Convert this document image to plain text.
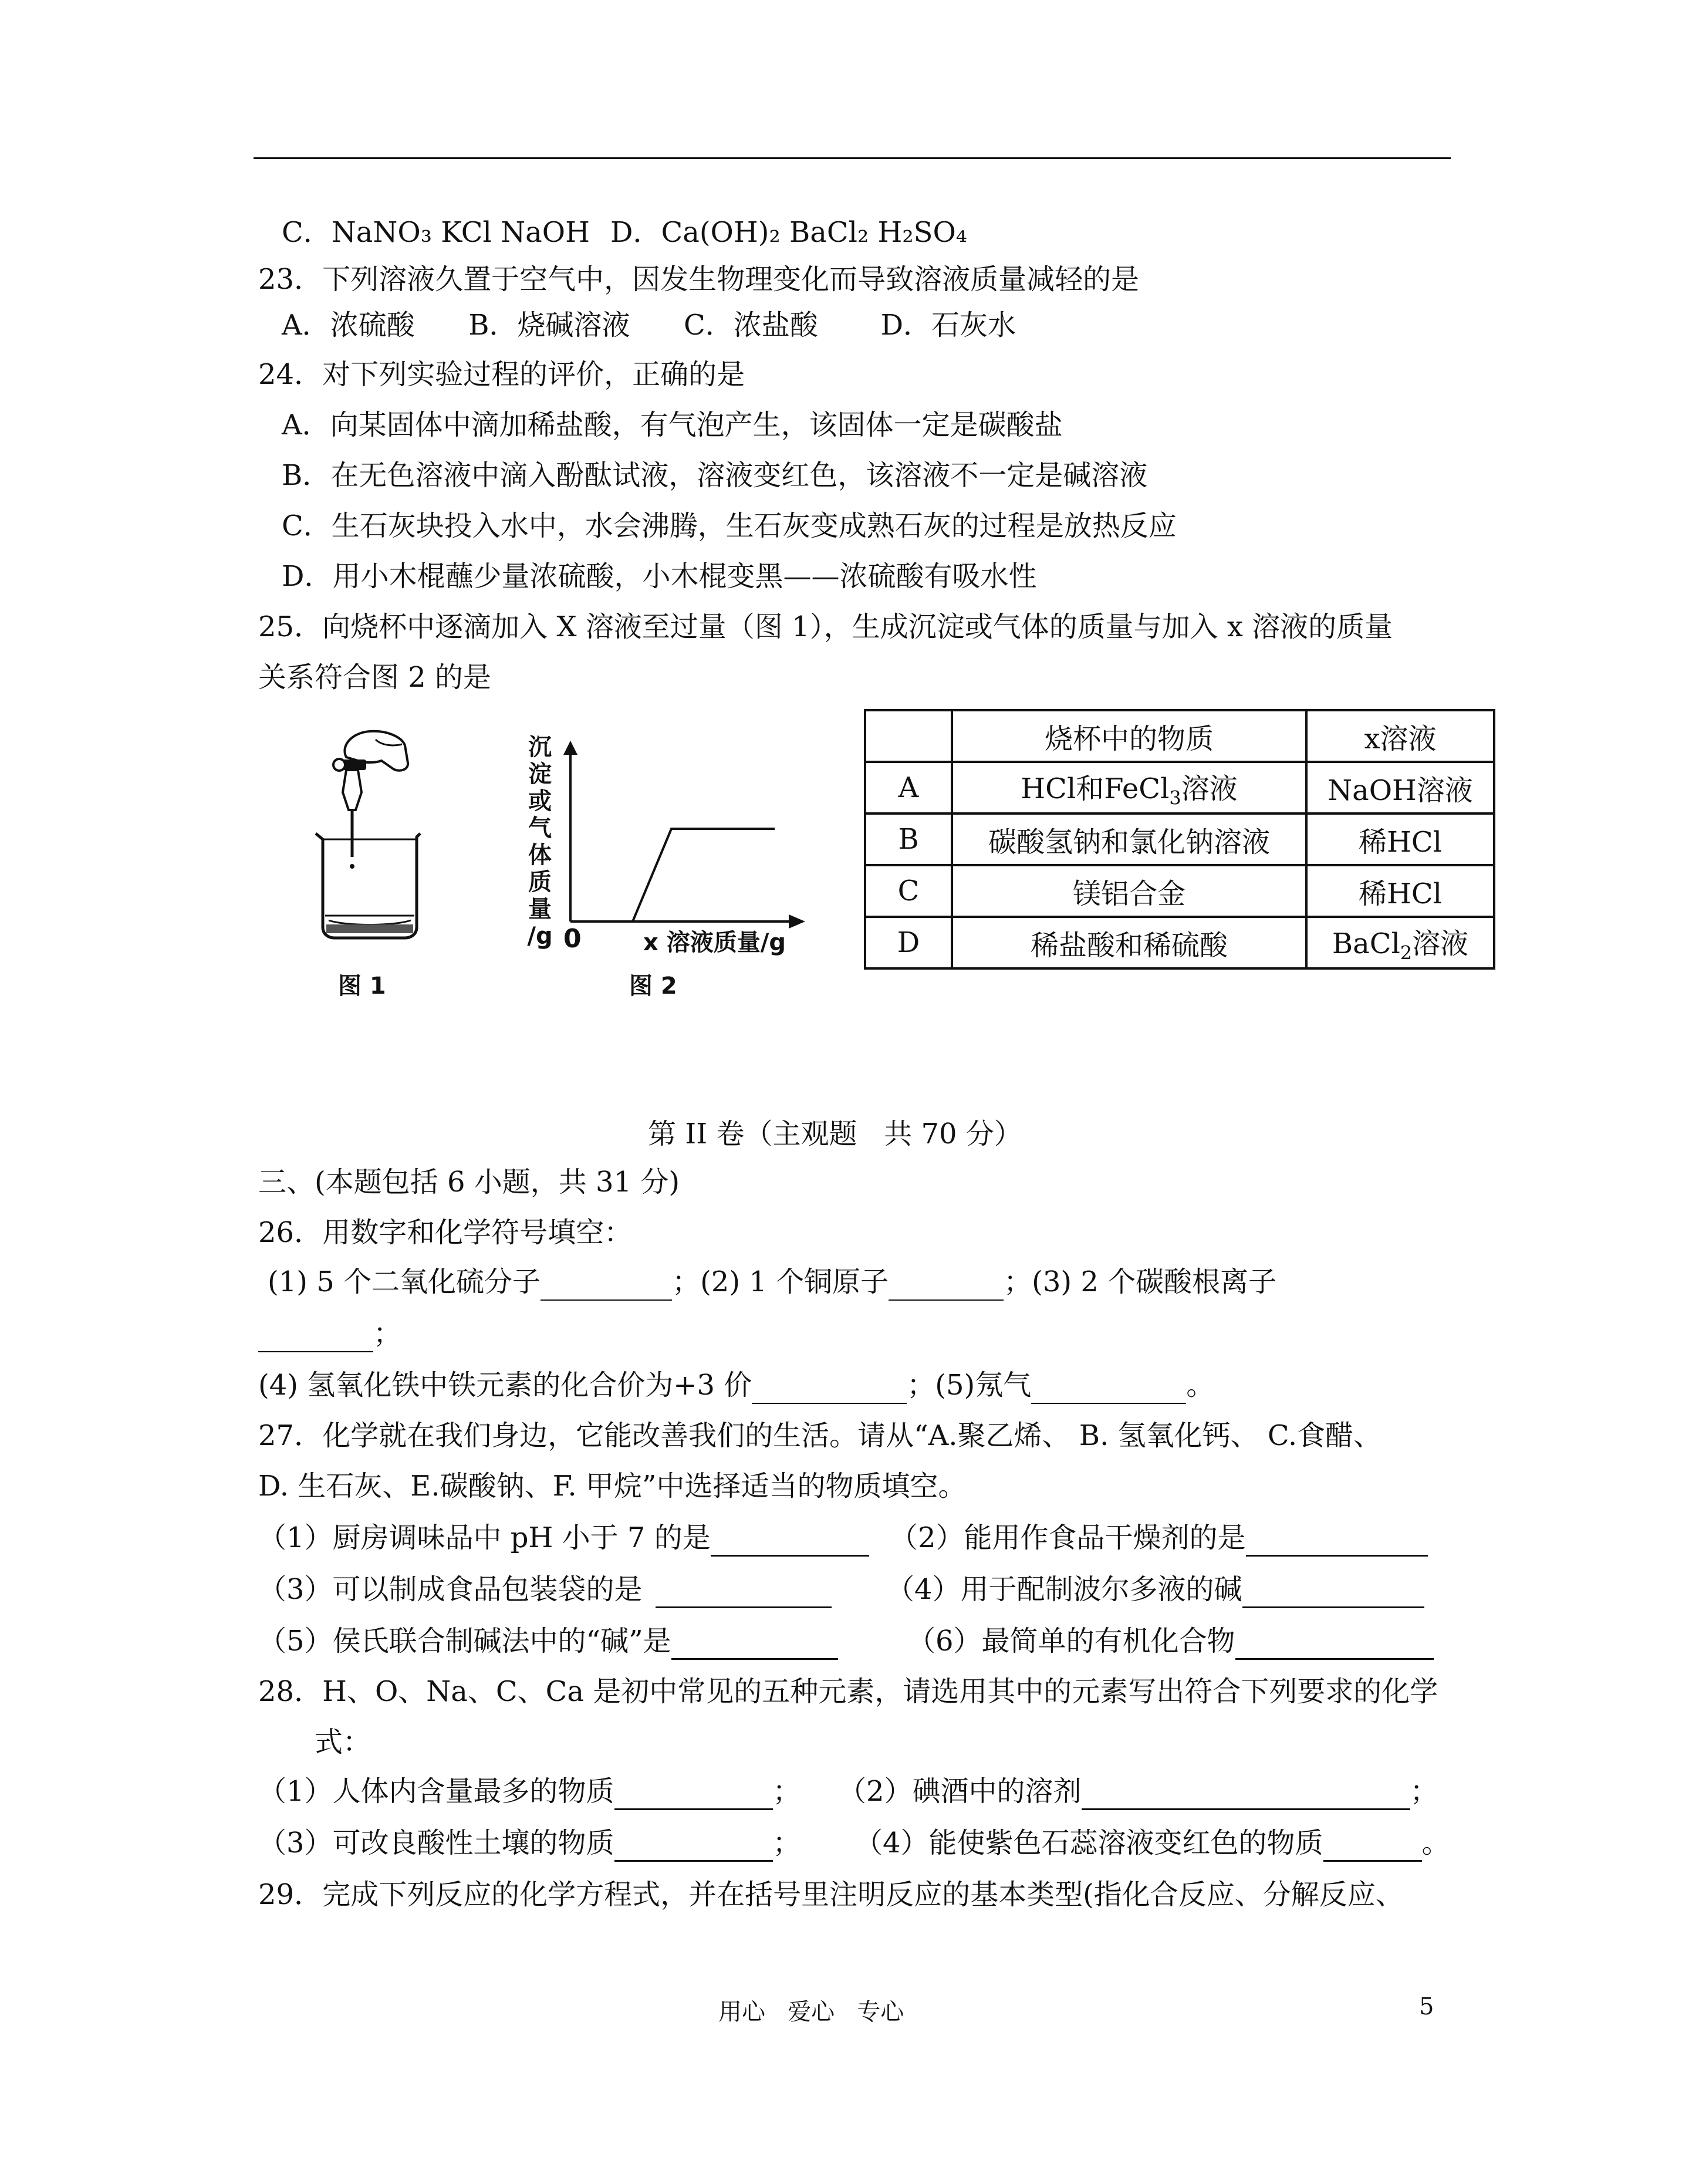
C．NaNO₃ KCl NaOH D．Ca(OH)₂ BaCl₂ H₂SO₄
23．下列溶液久置于空气中，因发生物理变化而导致溶液质量减轻的是
A．浓硫酸      B．烧碱溶液      C．浓盐酸       D．石灰水
24．对下列实验过程的评价，正确的是
A．向某固体中滴加稀盐酸，有气泡产生，该固体一定是碳酸盐
B．在无色溶液中滴入酚酞试液，溶液变红色，该溶液不一定是碱溶液
C．生石灰块投入水中，水会沸腾，生石灰变成熟石灰的过程是放热反应
D．用小木棍蘸少量浓硫酸，小木棍变黑——浓硫酸有吸水性
25．向烧杯中逐滴加入 X 溶液至过量（图 1），生成沉淀或气体的质量与加入 x 溶液的质量
关系符合图 2 的是
图 1
沉
淀
或
气
体
质
量
/g 0	x 溶液质量/g
图 2
	烧杯中的物质	x溶液
A	HCl和FeCl$_3$溶液	NaOH溶液
B	碳酸氢钠和氯化钠溶液	稀HCl
C	镁铝合金	稀HCl
D	稀盐酸和稀硫酸	BaCl$_2$溶液
第 II 卷（主观题   共 70 分）
三、(本题包括 6 小题，共 31 分)
26．用数字和化学符号填空：
(1) 5 个二氧化硫分子	；(2) 1 个铜原子	；(3) 2 个碳酸根离子
；
(4) 氢氧化铁中铁元素的化合价为+3 价	；(5)氖气	。
27．化学就在我们身边，它能改善我们的生活。请从“A.聚乙烯、 B. 氢氧化钙、 C.食醋、
D. 生石灰、E.碳酸钠、F. 甲烷”中选择适当的物质填空。
（1）厨房调味品中 pH 小于 7 的是	（2）能用作食品干燥剂的是
（3）可以制成食品包装袋的是	（4）用于配制波尔多液的碱
（5）侯氏联合制碱法中的“碱”是	（6）最简单的有机化合物
28．H、O、Na、C、Ca 是初中常见的五种元素，请选用其中的元素写出符合下列要求的化学
式：
（1）人体内含量最多的物质	； （2）碘酒中的溶剂	；
（3）可改良酸性土壤的物质	； （4）能使紫色石蕊溶液变红色的物质	。
29．完成下列反应的化学方程式，并在括号里注明反应的基本类型(指化合反应、分解反应、
用心   爱心   专心	5
